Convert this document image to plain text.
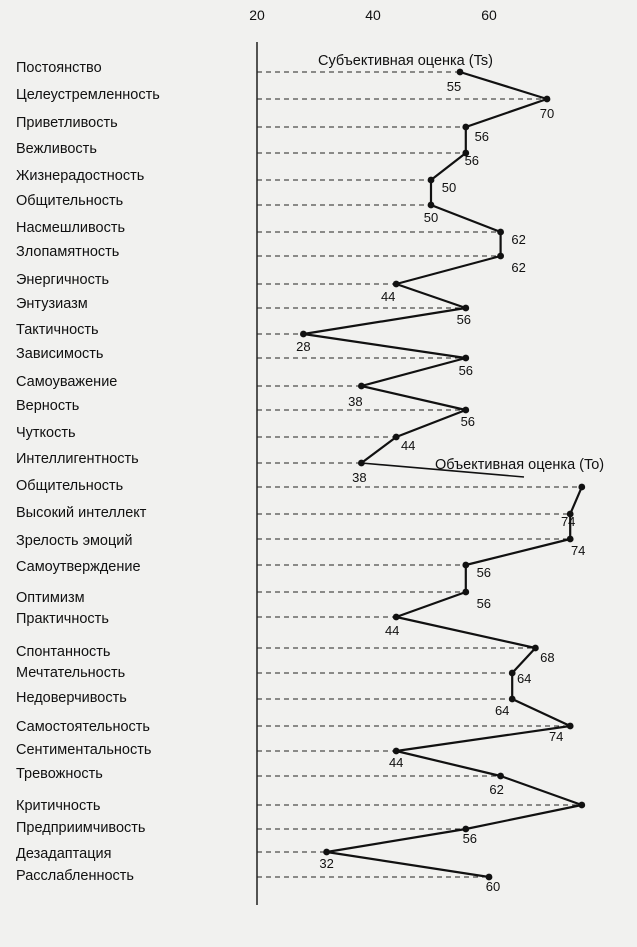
20	40	60
Постоянство
Целеустремленность
Приветливость
Вежливость
Жизнерадостность
Общительность
Насмешливость
Злопамятность
Энергичность
Энтузиазм
Тактичность
Зависимость
Самоуважение
Верность
Чуткость
Интеллигентность
55
70
56
56
50
50
62
62
44
56
28
56
38
56
44
38
Общительность
Высокий интеллект
Зрелость эмоций
Самоутверждение
Оптимизм
Практичность
Спонтанность
Мечтательность
Недоверчивость
Самостоятельность
Сентиментальность
Тревожность
Критичность
Предприимчивость
Дезадаптация
Расслабленность
74
74
56
56
44
68
64
64
74
44
62
56
32
60
Субъективная оценка (Ts)
Объективная оценка (To)
